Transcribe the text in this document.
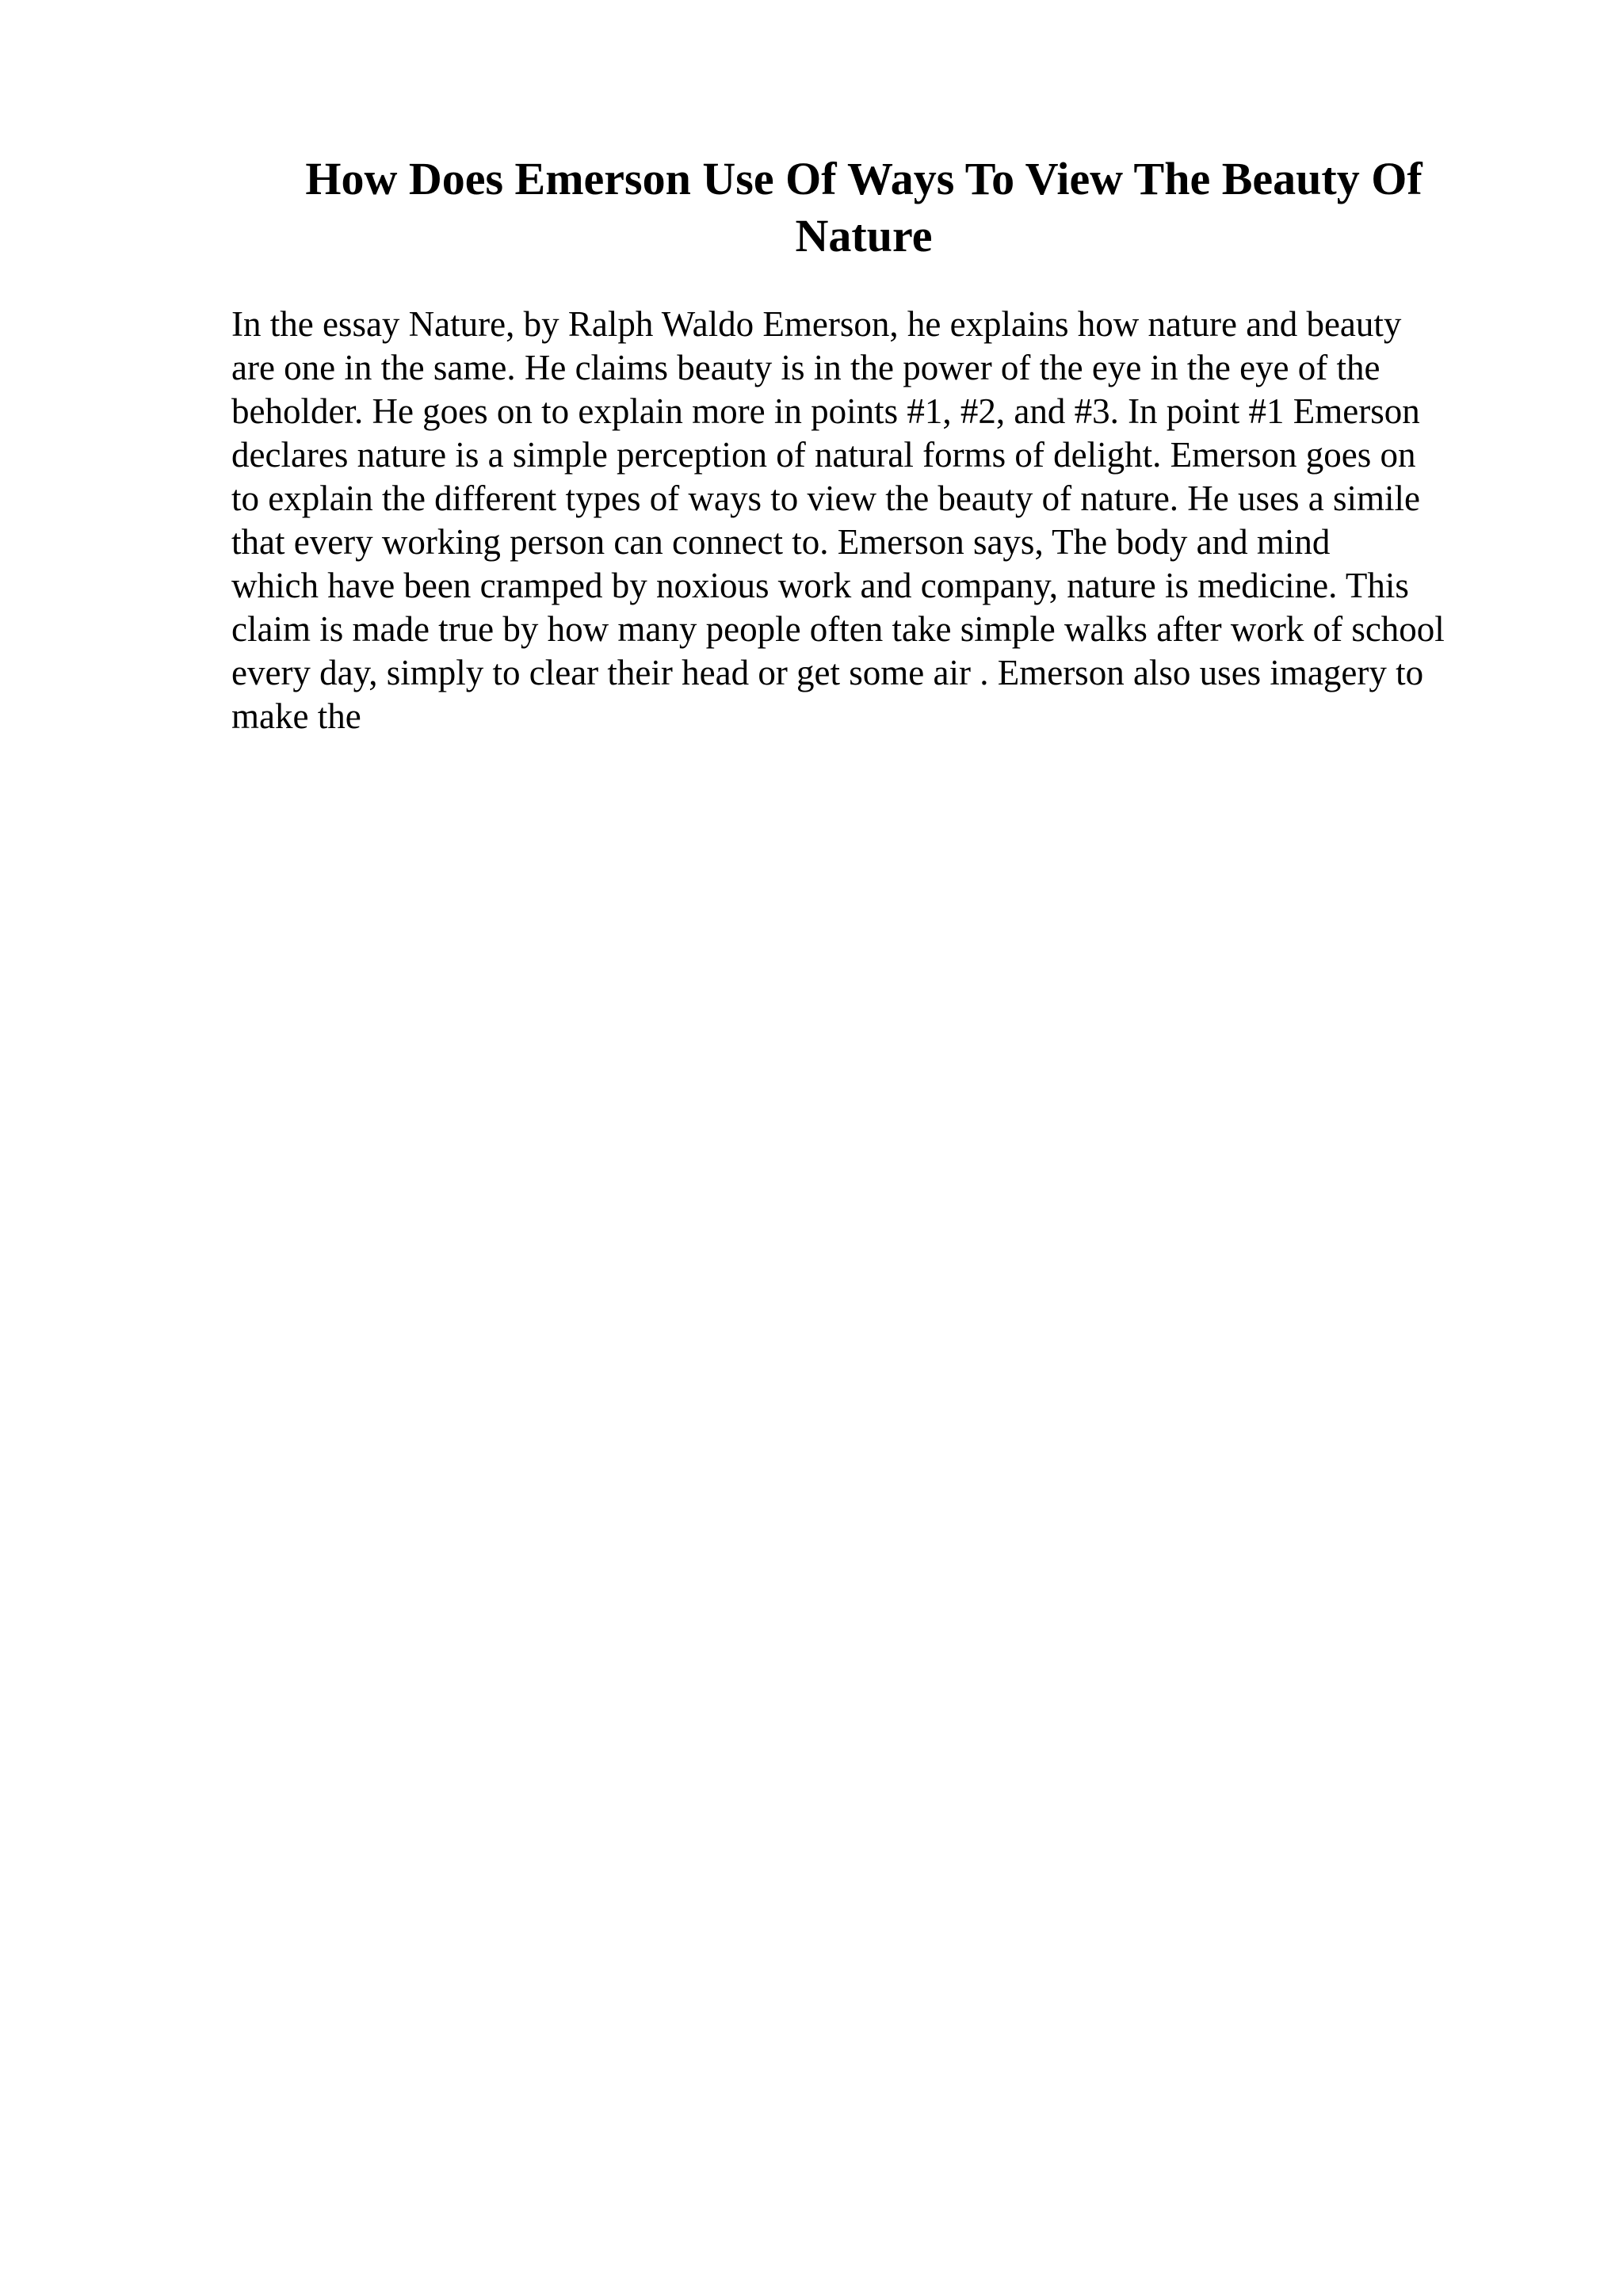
How Does Emerson Use Of Ways To View The Beauty Of
Nature
In the essay Nature, by Ralph Waldo Emerson, he explains how nature and beauty
are one in the same. He claims beauty is in the power of the eye in the eye of the
beholder. He goes on to explain more in points #1, #2, and #3. In point #1 Emerson
declares nature is a simple perception of natural forms of delight. Emerson goes on
to explain the different types of ways to view the beauty of nature. He uses a simile
that every working person can connect to. Emerson says, The body and mind
which have been cramped by noxious work and company, nature is medicine. This
claim is made true by how many people often take simple walks after work of school
every day, simply to clear their head or get some air . Emerson also uses imagery to
make the
